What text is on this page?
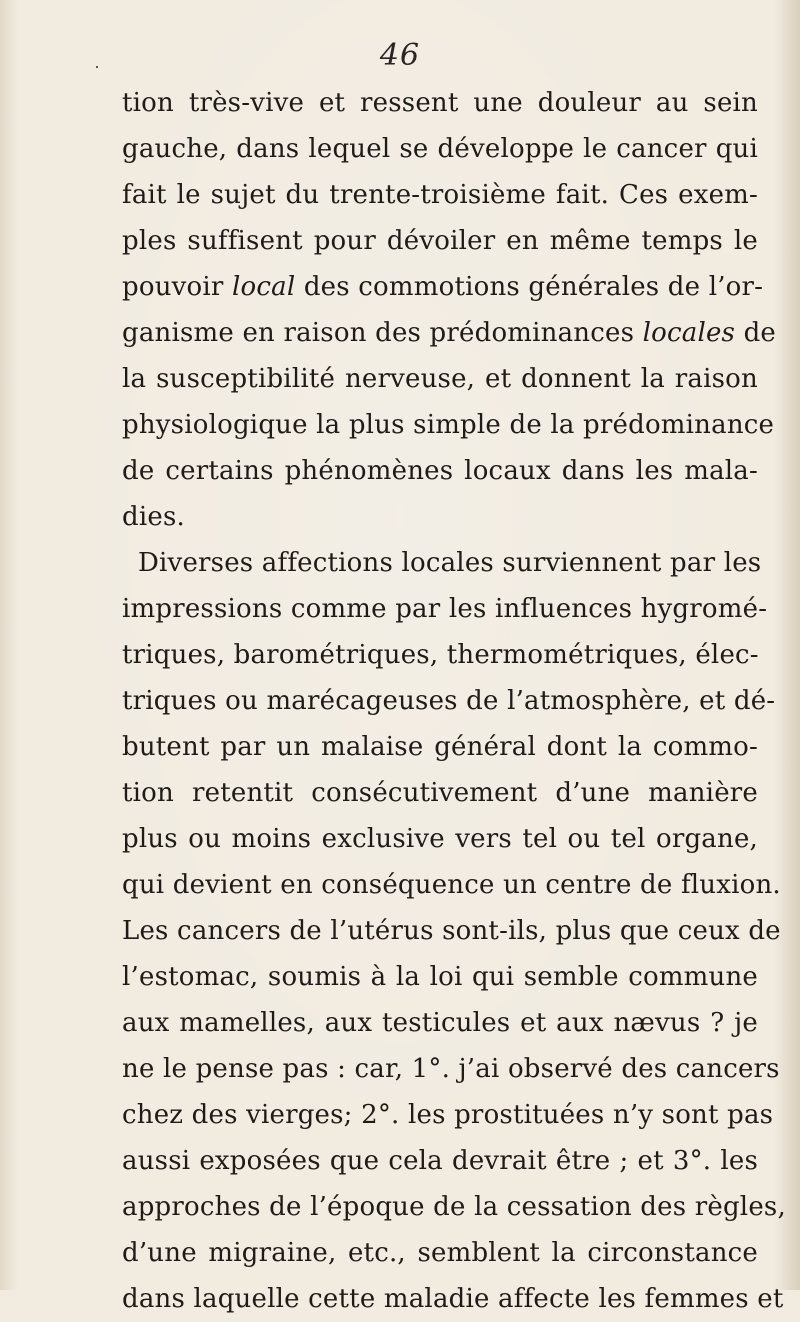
46
tion très-vive et ressent une douleur au sein
gauche, dans lequel se développe le cancer qui
fait le sujet du trente-troisième fait. Ces exem-
ples suffisent pour dévoiler en même temps le
pouvoir local des commotions générales de l’or-
ganisme en raison des prédominances locales de
la susceptibilité nerveuse, et donnent la raison
physiologique la plus simple de la prédominance
de certains phénomènes locaux dans les mala-
dies.
Diverses affections locales surviennent par les
impressions comme par les influences hygromé-
triques, barométriques, thermométriques, élec-
triques ou marécageuses de l’atmosphère, et dé-
butent par un malaise général dont la commo-
tion retentit consécutivement d’une manière
plus ou moins exclusive vers tel ou tel organe,
qui devient en conséquence un centre de fluxion.
Les cancers de l’utérus sont-ils, plus que ceux de
l’estomac, soumis à la loi qui semble commune
aux mamelles, aux testicules et aux nævus ? je
ne le pense pas : car, 1°. j’ai observé des cancers
chez des vierges; 2°. les prostituées n’y sont pas
aussi exposées que cela devrait être ; et 3°. les
approches de l’époque de la cessation des règles,
d’une migraine, etc., semblent la circonstance
dans laquelle cette maladie affecte les femmes et
